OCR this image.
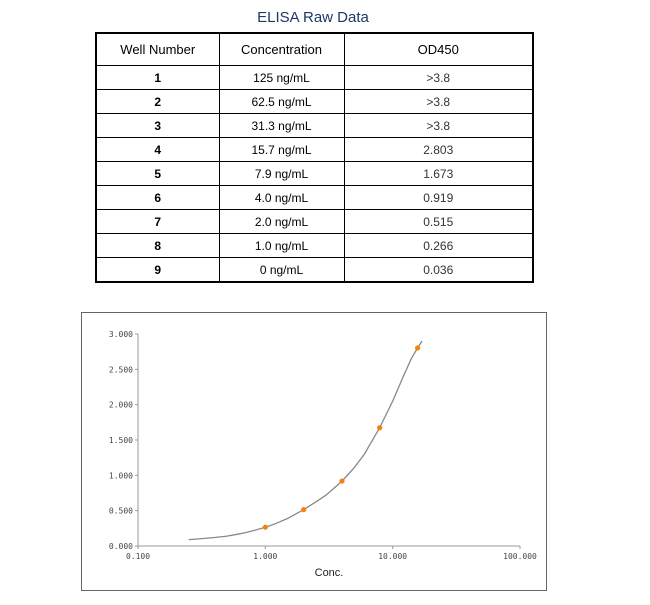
ELISA Raw Data
Well Number	Concentration	OD450
1	125 ng/mL	>3.8
2	62.5 ng/mL	>3.8
3	31.3 ng/mL	>3.8
4	15.7 ng/mL	2.803
5	7.9 ng/mL	1.673
6	4.0 ng/mL	0.919
7	2.0 ng/mL	0.515
8	1.0 ng/mL	0.266
9	0 ng/mL	0.036
0.000
0.500
1.000
1.500
2.000
2.500
3.000
0.100	1.000	10.000	100.000
Conc.
